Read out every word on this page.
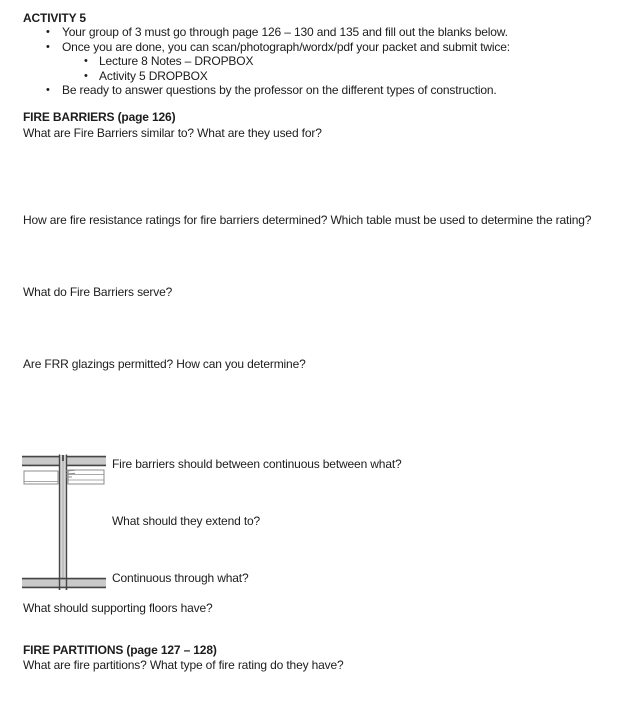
ACTIVITY 5
•	Your group of 3 must go through page 126 – 130 and 135 and fill out the blanks below.
•	Once you are done, you can scan/photograph/wordx/pdf your packet and submit twice:
• Lecture 8 Notes – DROPBOX
• Activity 5 DROPBOX
•	Be ready to answer questions by the professor on the different types of construction.
FIRE BARRIERS (page 126)
What are Fire Barriers similar to? What are they used for?
How are fire resistance ratings for fire barriers determined? Which table must be used to determine the rating?
What do Fire Barriers serve?
Are FRR glazings permitted? How can you determine?
Fire barriers should between continuous between what?
What should they extend to?
Continuous through what?
What should supporting floors have?
FIRE PARTITIONS (page 127 – 128)
What are fire partitions? What type of fire rating do they have?
